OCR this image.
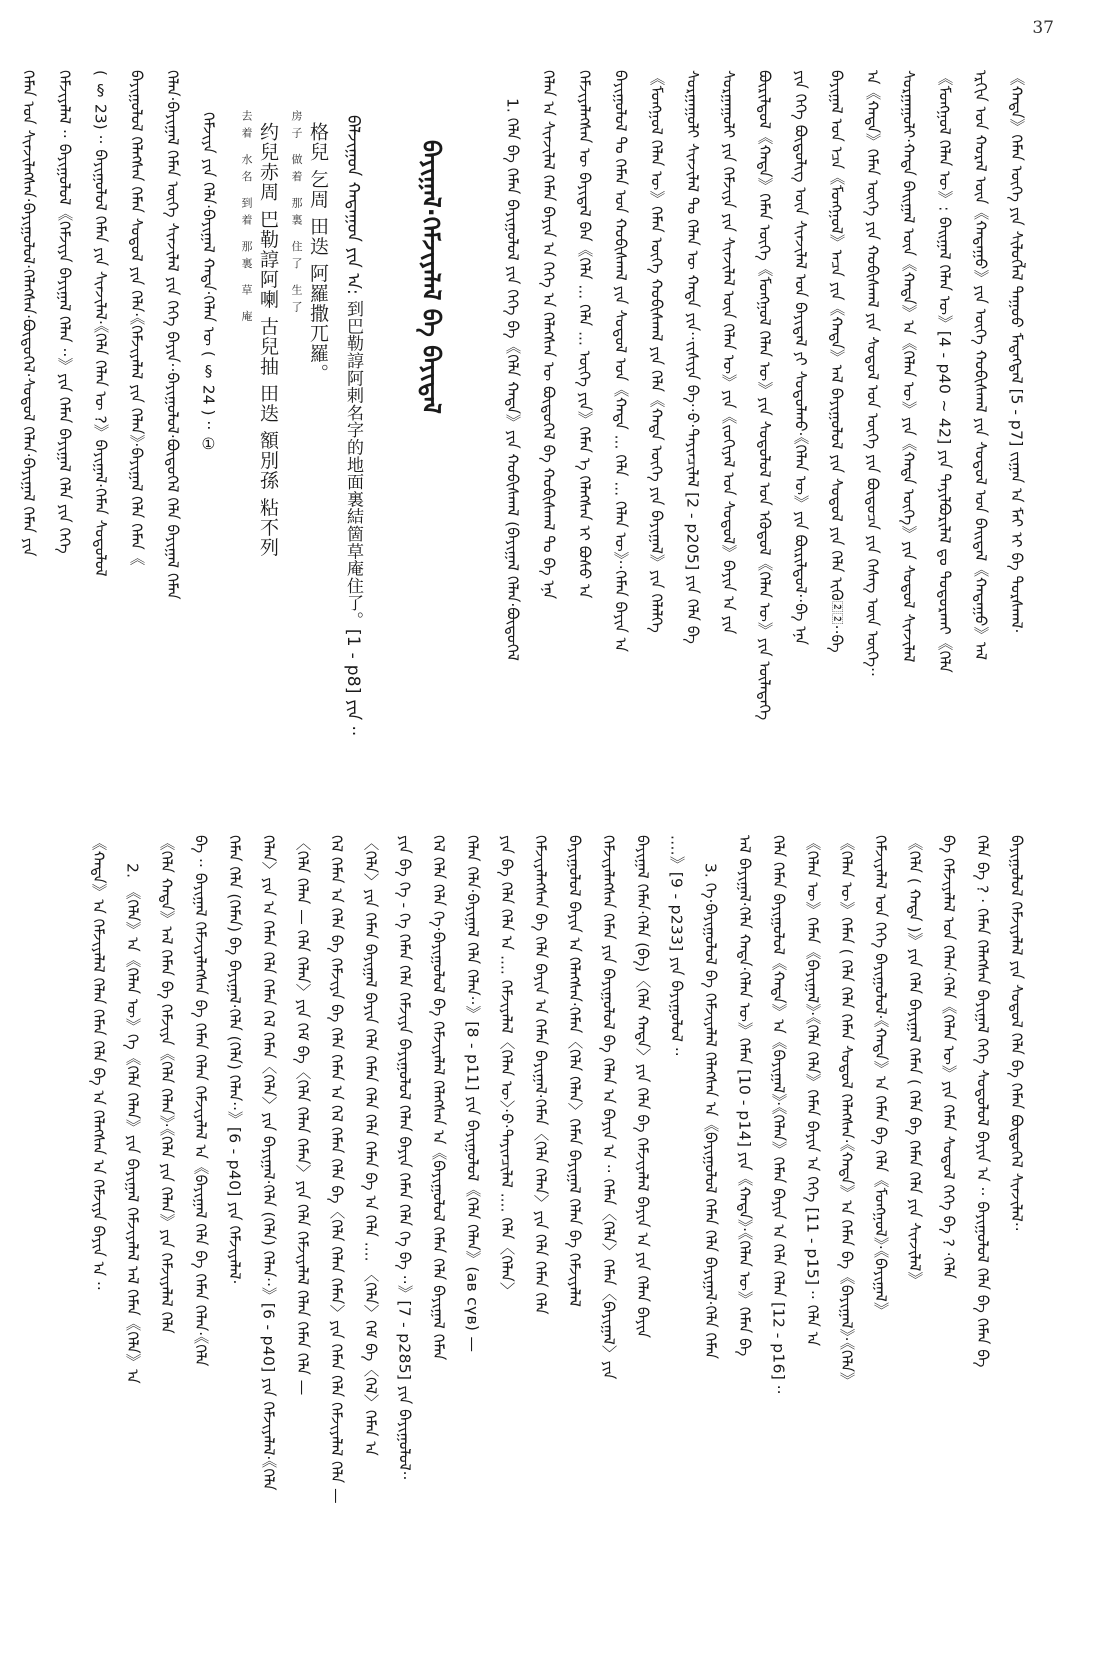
37
《ᠬᠠᠳᠠ》ᠬᠡᠮᠡᠨ ᠦᠭᠡ ᠶᠢᠨ ᠰᠢᠯᠦᠭᠯᠡᠯ ᠳᠠᠭᠤᠤ ᠮᠡᠳᠡᠭᠳᠡᠯ [5 - p7] ᠵᠢᠭᠠᠨ ᠠ ᠮᠡᠶ ᠢ ᠪᠠ ᠳᠤᠷᠰᠬᠠᠯ·
ᠡᠷᠭᠢᠨ ᠤᠨ ᠬᠤᠷᠠᠯ ᠦᠨ《ᠬᠠᠳᠠᠭᠤ》ᠶᠢᠨ ᠦᠭᠡ ᠬᠤᠪᠢᠰᠭᠠᠯ ᠶᠢᠨ ᠰᠤᠳᠤᠯ ᠤᠨ ᠪᠠᠢᠳᠠᠯ《ᠬᠠᠳᠠᠭᠤ》ᠠᠯ
《ᠮᠣᠩᠭᠣᠯ ᠬᠡᠯᠡᠨ ᠦ》: ᠪᠠᠢᠭᠠᠯ ᠬᠡᠯᠡᠨ ᠦ》[4 - p40 ~ 42] ᠶᠢᠨ ᠲᠠᠶᠢᠯᠪᠤᠷᠢᠯᠠᠯ ᠳᠤ ᠲᠤᠳᠤᠷᠬᠠᠢ《ᠬᠡᠯᠡ
ᠰᠤᠷᠭᠠᠭᠤᠯᠢ·ᠬᠠᠳᠠ ᠪᠠᠢᠭᠠᠯ ᠦᠨ《ᠬᠠᠳᠠ》ᠠ《ᠬᠡᠯᠡᠨ ᠦ》ᠶᠢᠨ《ᠬᠠᠳᠠ ᠦᠭᠡ》ᠶᠢᠨ ᠰᠤᠳᠤᠯ ᠰᠢᠨᠵᠢᠯᠡᠯ
ᠠ《ᠬᠠᠳᠠ》ᠬᠡᠮᠡᠨ ᠦᠭᠡ ᠶᠢᠨ ᠬᠤᠪᠢᠰᠬᠠᠯ ᠶᠢᠨ ᠰᠤᠳᠤᠯ ᠤᠨ ᠦᠭᠡ ᠶᠢᠨ ᠪᠦᠲᠦᠴᠡ ᠶᠢᠨ ᠬᠡᠰᠡᠭ ᠦᠨ ᠦᠭᠡ··
ᠪᠠᠶᠢᠭᠠᠯ ᠤᠨ ᠡᠴᠡ《ᠮᠣᠩᠭᠣᠯ》ᠠᠴᠠ ᠶᠢᠨ《ᠬᠠᠳᠠ》ᠠᠯ ᠪᠠᠶᠢᠭᠤᠯᠤᠯ ᠶᠢᠨ ᠰᠤᠳᠤᠯ ᠶᠢᠨ ᠬᠡᠯᠡ ᠢᠭᠦ᠌᠌᠌··ᠪᠠ
ᠶᠢᠨ ᠬᠡᠭᠡ ᠪᠦᠳᠦᠯᠢᠭ ᠦᠨ ᠰᠢᠨᠵᠢᠯᠡᠯ ᠤᠨ ᠪᠠᠶᠢᠳᠠᠯ ᠶᠢ ᠰᠤᠳᠤᠯᠬᠤ·《ᠬᠡᠯᠡᠨ ᠦ》ᠶᠢᠨ ᠪᠦᠷᠢᠯᠳᠦᠯ··ᠪᠠ ᠡᠨᠡ
ᠪᠦᠷᠢᠯᠳᠦᠯ《ᠬᠠᠳᠠ》ᠬᠡᠮᠡᠨ ᠦᠭᠡ《ᠮᠣᠩᠭᠣᠯ ᠬᠡᠯᠡᠨ ᠦ》ᠶᠢᠨ ᠰᠤᠳᠤᠯᠤᠯ ᠤᠨ ᠡᠭᠦᠳᠦᠯ《ᠬᠡᠯᠡᠨ ᠦ》ᠶᠢᠨ ᠦᠯᠡᠳᠡᠭᠡ
ᠰᠤᠷᠭᠠᠭᠤᠯᠢ ᠶᠢᠨ ᠬᠡᠮᠵᠢᠶᠡ ᠶᠢᠨ ᠰᠢᠨᠵᠢᠯᠡᠯ ᠦᠨ ᠬᠡᠯᠡᠨ ᠦ》ᠶᠢᠨ《ᠵᠣᠬᠢᠶᠠᠯ ᠤᠨ ᠰᠤᠳᠤᠯ》ᠪᠠᠶᠢᠨ ᠠ ᠶᠢᠨ
ᠰᠤᠷᠭᠠᠭᠤᠯᠢ ᠰᠢᠨᠵᠢᠯᠡᠯ ᠲᠤ ᠬᠡᠯᠡᠨ ᠦ ᠬᠠᠳᠠ ᠶᠢᠨ··ᠵᠢᠱᠢᠶᠡ ᠪᠠ··ᠪ·ᠳᠠᠶᠢᠨᠴᠢᠯᠠᠯ [2 - p205] ᠶᠢᠨ ᠬᠡᠯᠡ ᠪᠠ
《ᠮᠣᠩᠭᠣᠯ ᠬᠡᠯᠡᠨ ᠦ》ᠬᠡᠮᠡᠨ ᠦᠭᠡ ᠬᠤᠪᠢᠰᠬᠠᠯ ᠶᠢᠨ ᠬᠡᠯᠡ《ᠬᠠᠳᠠ ᠦᠭᠡ ᠶᠢᠨ ᠪᠠᠶᠢᠭᠠᠯ》ᠶᠢᠨ ᠬᠡᠯᠡᠯᠭᠡ
ᠪᠠᠶᠢᠭᠤᠯᠤᠯ ᠲᠤ ᠬᠡᠮᠡᠨ ᠤᠨ ᠬᠤᠪᠢᠰᠬᠠᠯ ᠶᠢᠨ ᠰᠤᠳᠤᠯ ᠤᠨ《ᠬᠠᠳᠠ ... ᠬᠡᠯᠡ ... ᠬᠡᠯᠡᠨ ᠦ》··ᠬᠡᠮᠡᠨ ᠪᠠᠶᠢᠨ ᠠ
ᠬᠡᠮᠵᠢᠶᠡᠯᠡᠭᠰᠡᠨ ᠦ ᠪᠠᠶᠢᠳᠠᠯ ᠪᠠᠨ《ᠬᠡᠯᠡ ... ᠬᠡᠯᠡ ... ᠦᠭᠡ ᠶᠢᠨ》ᠬᠡᠮᠡᠨ ᠡ ᠬᠡᠯᠡᠭᠰᠡᠨ ᠢ ᠪᠤᠰᠤ ᠠ
ᠬᠡᠯᠡᠨ ᠠ ᠰᠢᠨᠵᠢᠯᠡᠯ ᠬᠡᠮᠡᠨ ᠪᠠᠶᠢᠨ ᠠ ᠬᠡᠭᠡ ᠠ ᠬᠡᠯᠡᠭᠰᠡᠨ ᠦ ᠪᠦᠲᠦᠭᠡᠯ ᠪᠠ ᠬᠤᠪᠢᠰᠬᠠᠯ ᠲᠤ ᠪᠠ ᠡᠨᠡ
1. ᠬᠡᠯᠡ ᠪᠠ ᠬᠡᠮᠡᠨ ᠪᠠᠶᠢᠭᠤᠯᠤᠯ ᠶᠢᠨ ᠬᠡᠭᠡ ᠪᠠ《ᠬᠡᠯᠡ ᠬᠠᠳᠠ》ᠶᠢᠨ ᠬᠤᠪᠢᠰᠬᠠᠯ (ᠪᠠᠶᠢᠭᠠᠯ ᠬᠡᠯᠡᠨ·ᠪᠦᠲᠦᠭᠡᠯ
ᠪᠠᠶᠢᠭᠠᠯ·ᠬᠡᠮᠵᠢᠶᠡᠯᠡᠯ ᠪᠠ ᠪᠠᠶᠢᠳᠠᠯ
ᠪᠠᠯᠵᠢᠭᠤᠨ ᠬᠠᠳᠠᠭᠤᠨ ᠶᠢᠨ ᠠ: 到巴勒諄阿剌名字的地面裏結箇草庵住了。[1 - p8] ᠶᠢᠨ ··
房子 做着 那裏 住了 生了 格兒 乞周 田迭 阿羅撒兀羅。
去着 水名 到着 那裏 草 庵 约兒赤周 巴勒諄阿喇 古兒抽 田迭 額別孫 粘不列
ᠬᠡᠮᠵᠢᠶᠡ ᠶᠢᠨ ᠬᠡᠯᠡ·ᠪᠠᠶᠢᠭᠠᠯ ᠬᠠᠳᠠ·ᠬᠡᠯᠡᠨ ᠦ ( § 24 ) ·· ①
ᠬᠡᠯᠡᠨ·ᠪᠠᠶᠢᠭᠠᠯ ᠬᠡᠮᠡᠨ ᠦᠭᠡ ᠰᠢᠨᠵᠢᠯᠡᠯ ᠶᠢᠨ ᠬᠡᠭᠡ ᠪᠠᠶᠢᠨ··ᠪᠠᠶᠢᠭᠤᠯᠤᠯ·ᠪᠦᠲᠦᠭᠡᠯ ᠬᠡᠯᠡ ᠪᠠᠶᠢᠭᠠᠯ ᠬᠡᠮᠡᠨ
ᠪᠠᠶᠢᠭᠤᠯᠤᠯ ᠬᠡᠯᠡᠭᠰᠡᠨ ᠬᠡᠮᠡᠨ ᠰᠤᠳᠤᠯ ᠶᠢᠨ ᠬᠡᠯᠡ·《ᠬᠡᠮᠵᠢᠶᠡᠯᠡᠯ ᠶᠢᠨ ᠬᠡᠯᠡᠨ》·ᠪᠠᠶᠢᠭᠠᠯ ᠬᠡᠯᠡ ᠬᠡᠮᠡᠨ《
( § 23) ·· ᠪᠠᠶᠢᠭᠤᠯᠤᠯ ᠬᠡᠮᠡᠨ ᠶᠢᠨ ᠰᠢᠨᠵᠢᠯᠡᠯ·《ᠬᠡᠯᠡ ᠬᠡᠯᠡᠨ ᠦ ?》ᠪᠠᠶᠢᠭᠠᠯ·ᠬᠡᠮᠡᠨ ᠰᠤᠳᠤᠯᠤᠯ
ᠬᠡᠮᠵᠢᠶᠡᠯᠡᠯ ·· ᠪᠠᠶᠢᠭᠤᠯᠤᠯ《ᠬᠡᠮᠵᠢᠶᠡ ᠪᠠᠶᠢᠭᠠᠯ ᠬᠡᠯᠡᠨ ··》ᠶᠢᠨ ᠬᠡᠮᠡᠨ ᠪᠠᠶᠢᠭᠠᠯ ᠬᠡᠯᠡ ᠶᠢᠨ ᠬᠡᠭᠡ
ᠬᠡᠮᠡᠨ ᠤᠨ ᠰᠢᠨᠵᠢᠯᠡᠭᠰᠡᠨ·ᠪᠠᠶᠢᠭᠤᠯᠤᠯ·ᠬᠡᠯᠡᠭᠰᠡᠨ·ᠪᠦᠲᠦᠭᠡᠯ·ᠰᠤᠳᠤᠯ ᠬᠡᠯᠡᠨ·ᠪᠠᠶᠢᠭᠠᠯ ᠬᠡᠮᠡᠨ ᠶᠢᠨ
ᠪᠠᠶᠢᠭᠤᠯᠤᠯ ᠬᠡᠮᠵᠢᠶᠡᠯᠡᠯ ᠶᠢᠨ ᠰᠤᠳᠤᠯ ᠬᠡᠯᠡ ᠪᠠ ᠬᠡᠮᠡᠨ ᠪᠦᠲᠦᠭᠡᠯ ᠰᠢᠨᠵᠢᠯᠡᠯ··
ᠬᠡᠯᠡ ᠪᠠ ? · ᠬᠡᠮᠡᠨ ᠬᠡᠯᠡᠭᠰᠡᠨ ᠪᠠᠶᠢᠭᠠᠯ ᠬᠡᠭᠡ ᠰᠤᠳᠤᠯᠤᠯ ᠪᠠᠶᠢᠨ ᠠ ·· ᠪᠠᠶᠢᠭᠤᠯᠤᠯ ᠬᠡᠯᠡ ᠪᠠ ᠬᠡᠮᠡᠨ ᠪᠠ
ᠪᠠ ᠬᠡᠮᠵᠢᠶᠡᠯᠡᠯ ᠤᠨ ᠬᠡᠯᠡᠨ·ᠬᠡᠯᠡ《ᠬᠡᠯᠡᠨ ᠦ》ᠶᠢᠨ ᠬᠡᠮᠡᠨ ᠰᠤᠳᠤᠯ ᠬᠡᠭᠡ ᠪᠠ ? ·ᠬᠡᠯᠡ
《ᠬᠡᠯᠡ ( ᠬᠠᠳᠠ )》ᠶᠢᠨ ᠬᠡᠯᠡ ᠪᠠᠶᠢᠭᠠᠯ ᠬᠡᠮᠡᠨ ( ᠬᠡᠯᠡ ᠪᠠ ᠬᠡᠮᠡᠨ ᠬᠡᠯᠡ ᠶᠢᠨ ᠰᠢᠨᠵᠢᠯᠡᠯ》
ᠬᠡᠮᠵᠢᠶᠡᠯᠡᠯ ᠤᠨ ᠬᠡᠭᠡ ᠪᠠᠶᠢᠭᠤᠯᠤᠯ·《ᠬᠠᠳᠠ》ᠠ ᠬᠡᠮᠡᠨ ᠪᠠ ᠬᠡᠯᠡ《ᠮᠣᠩᠭᠣᠯ》·《ᠪᠠᠶᠢᠭᠠᠯ》
《ᠬᠡᠯᠡᠨ ᠦ》ᠬᠡᠮᠡᠨ ( ᠬᠡᠯᠡ ᠬᠡᠯᠡ ᠬᠡᠮᠡᠨ ᠰᠤᠳᠤᠯ ᠬᠡᠯᠡᠭᠰᠡᠨ·《ᠬᠠᠳᠠ》ᠠ ᠬᠡᠮᠡᠨ ᠪᠠ《ᠪᠠᠶᠢᠭᠠᠯ》·《ᠬᠡᠯᠡ》
《ᠬᠡᠯᠡᠨ ᠦ》ᠬᠡᠮᠡᠨ《ᠪᠠᠶᠢᠭᠠᠯ》·《ᠬᠡᠯᠡ ᠬᠡᠯᠡ》ᠬᠡᠮᠡᠨ ᠪᠠᠶᠢᠨ ᠠ ᠬᠡᠭᠡ [11 - p15] ·· ᠬᠡᠯᠡ ᠠ
ᠬᠡᠯᠡ ᠬᠡᠮᠡᠨ ᠪᠠᠶᠢᠭᠤᠯᠤᠯ《ᠬᠠᠳᠠ》ᠠ《ᠪᠠᠶᠢᠭᠠᠯ》·《ᠬᠡᠯᠡᠨ》ᠬᠡᠮᠡᠨ ᠪᠠᠶᠢᠨ ᠠ ᠬᠡᠯᠡ ᠬᠡᠯᠡᠨ [12 - p16] ··
ᠠᠯ ᠪᠠᠶᠢᠭᠠᠯ·ᠬᠡᠯᠡ ᠬᠠᠳᠠ·ᠬᠡᠯᠡᠨ ᠦ》ᠬᠡᠮᠡᠨ [10 - p14] ᠶᠢᠨ《ᠬᠠᠳᠠ》·《ᠬᠡᠯᠡᠨ ᠦ》ᠬᠡᠮᠡᠨ ᠪᠠ
3. ᠬᠡ·ᠪᠠᠶᠢᠭᠤᠯᠤᠯ ᠪᠠ ᠬᠡᠮᠵᠢᠶᠡᠯᠡᠯ ᠬᠡᠯᠡᠭᠰᠡᠨ ᠠ《ᠪᠠᠶᠢᠭᠤᠯᠤᠯ ᠬᠡᠮᠡᠨ ᠬᠡᠯᠡ ᠪᠠᠶᠢᠭᠠᠯ·ᠬᠡᠯᠡ ᠬᠡᠮᠡᠨ
....》[9 - p233] ᠶᠢᠨ ᠪᠠᠶᠢᠭᠤᠯᠤᠯ ··
ᠪᠠᠶᠢᠭᠠᠯ ᠬᠡᠮᠡᠨ·ᠬᠡᠯᠡ (ᠪᠠ)〈ᠬᠡᠯᠡ ᠬᠠᠳᠠ〉ᠶᠢᠨ ᠬᠡᠯᠡ ᠪᠠ ᠬᠡᠮᠵᠢᠶᠡᠯᠡᠯ ᠪᠠᠶᠢᠨ ᠠ ᠶᠢᠨ ᠬᠡᠯᠡᠨ ᠪᠠᠶᠢᠨ
ᠬᠡᠮᠵᠢᠶᠡᠯᠡᠭᠰᠡᠨ ᠬᠡᠮᠡᠨ ᠶᠢᠨ ᠪᠠᠶᠢᠭᠤᠯᠤᠯ ᠪᠠ ᠬᠡᠯᠡᠨ ᠠ ᠪᠠᠶᠢᠨ ᠠ ·· ᠬᠡᠮᠡᠨ〈ᠬᠡᠯᠡ〉ᠬᠡᠮᠡᠨ〈ᠪᠠᠶᠢᠭᠠᠯ〉ᠶᠢᠨ
ᠪᠠᠶᠢᠭᠤᠯᠤᠯ ᠪᠠᠶᠢᠨ ᠠ ᠬᠡᠯᠡᠭᠰᠡᠨ·ᠬᠡᠮᠡᠨ〈ᠬᠡᠯᠡ ᠬᠡᠯᠡᠨ〉ᠬᠡᠮᠡᠨ ᠪᠠᠶᠢᠭᠠᠯ ᠬᠡᠯᠡᠨ ᠪᠠ ᠬᠡᠮᠵᠢᠶᠡᠯᠡᠯ
ᠬᠡᠮᠵᠢᠶᠡᠯᠡᠭᠰᠡᠨ ᠪᠠ ᠬᠡᠯᠡ ᠪᠠᠶᠢᠨ ᠠ ᠬᠡᠮᠡᠨ ᠪᠠᠶᠢᠭᠠᠯ·ᠬᠡᠮᠡᠨ〈ᠬᠡᠯᠡ ᠬᠡᠯᠡᠨ〉ᠶᠢᠨ ᠬᠡᠯᠡ ᠬᠡᠮᠡᠨ ᠬᠡᠯᠡ
ᠶᠢᠨ ᠪᠠ ᠬᠡᠯᠡ ᠬᠡᠯᠡ ᠠ .... ᠬᠡᠮᠵᠢᠶᠡᠯᠡᠯ〈ᠬᠡᠯᠡᠨ ᠦ〉·ᠪ·ᠳᠠᠶᠢᠨᠴᠢᠯᠠᠯ .... ᠬᠡᠯᠡ〈ᠬᠡᠯᠡᠨ〉
ᠬᠡᠯᠡᠨ ᠬᠡᠯᠡ·ᠪᠠᠶᠢᠭᠠᠯ ᠬᠡᠯᠡ ᠬᠡᠯᠡᠨ··》[8 - p11] ᠶᠢᠨ ᠪᠠᠶᠢᠭᠤᠯᠤᠯ《ᠬᠡᠯᠡ ᠬᠡᠯᠡᠨ》(ав сүв) —
ᠬᠡᠯ ᠬᠡᠯᠡ ᠬᠡᠯᠡ ᠬᠡ·ᠪᠠᠶᠢᠭᠤᠯᠤᠯ ᠪᠠ ᠬᠡᠮᠵᠢᠶᠡᠯᠡᠯ ᠬᠡᠯᠡᠭᠰᠡᠨ ᠠ《ᠪᠠᠶᠢᠭᠤᠯᠤᠯ ᠬᠡᠮᠡᠨ ᠬᠡᠯᠡ ᠪᠠᠶᠢᠭᠠᠯ ᠬᠡᠮᠡᠨ
ᠶᠢᠨ ᠪᠠ ᠬᠡ - ᠬᠡ ᠬᠡᠮᠡᠨ ᠬᠡᠯᠡ ᠬᠡᠮᠵᠢᠶᠡ ᠪᠠᠶᠢᠭᠤᠯᠤᠯ ᠬᠡᠯᠡᠨ ᠪᠠᠶᠢᠨ ᠬᠡᠮᠡᠨ ᠬᠡᠯᠡ ᠬᠡ ᠪᠠ ··》[7 - p285] ᠶᠢᠨ ᠪᠠᠶᠢᠭᠤᠯᠤᠯ··
〈ᠬᠡᠯᠡ〉ᠶᠢᠨ ᠬᠡᠮᠡᠨ ᠪᠠᠶᠢᠭᠠᠯ ᠪᠠᠶᠢᠨ ᠬᠡᠯᠡ ᠬᠡᠮᠡᠨ ᠬᠡᠯᠡ ᠬᠡᠯᠡ ᠬᠡᠮᠡᠨ ᠪᠠ ᠠ ᠬᠡᠯᠡ .... 〈ᠬᠡᠯᠡ〉ᠬᠡᠮ ᠪᠠ〈ᠬᠡᠯ〉ᠬᠡᠮᠡᠨ ᠠ
ᠬᠡᠯ ᠬᠡᠮᠡᠨ ᠠ ᠬᠡᠯᠡ ᠪᠠ ᠬᠡᠮᠵᠢᠶᠡ ᠪᠠ ᠬᠡᠯᠡ ᠬᠡᠮᠡᠨ ᠠ ᠬᠡᠯ ᠬᠡᠮᠡᠨ ᠬᠡᠯᠡ ᠪᠠ〈ᠬᠡᠯᠡ ᠬᠡᠯᠡᠨ ᠬᠡᠮᠡᠨ〉ᠶᠢᠨ ᠬᠡᠮᠡᠨ ᠬᠡᠯᠡ ᠬᠡᠮᠵᠢᠶᠡᠯᠡᠯ ᠬᠡᠯᠡ —
〈ᠬᠡᠯᠡ ᠬᠡᠯᠡᠨ — ᠬᠡᠯᠡ ᠬᠡᠯᠡᠨ〉ᠶᠢᠨ ᠬᠡᠮ ᠪᠠ〈ᠬᠡᠯᠡ ᠬᠡᠯᠡᠨ ᠬᠡᠮᠡᠨ〉ᠶᠢᠨ ᠬᠡᠯᠡ ᠬᠡᠮᠵᠢᠶᠡᠯᠡᠯ ᠬᠡᠯᠡᠨ ᠬᠡᠮᠡᠨ ᠬᠡᠯᠡ —
ᠬᠡᠯᠡᠨ〉ᠶᠢᠨ ᠠ ᠬᠡᠮᠡᠨ ᠬᠡᠯᠡ ᠬᠡᠮᠡᠨ ᠬᠡᠯ ᠬᠡᠮᠡᠨ〈ᠬᠡᠯᠡ〉ᠶᠢᠨ ᠪᠠᠶᠢᠭᠠᠯ·ᠬᠡᠯᠡ (ᠬᠡᠯᠡ) ᠬᠡᠯᠡᠨ··》[6 - p40] ᠶᠢᠨ ᠬᠡᠮᠵᠢᠶᠡᠯᠡᠯ·《ᠬᠡᠯᠡ
ᠬᠡᠮᠡᠨ ᠬᠡᠯᠡ (ᠬᠡᠮᠡᠨ) ᠪᠠ ᠪᠠᠶᠢᠭᠠᠯ·ᠬᠡᠯᠡ (ᠬᠡᠯᠡ) ᠬᠡᠯᠡᠨ··》[6 - p40] ᠶᠢᠨ ᠬᠡᠮᠵᠢᠶᠡᠯᠡᠯ·
ᠪᠠ ·· ᠪᠠᠶᠢᠭᠠᠯ ᠬᠡᠮᠵᠢᠶᠡᠯᠡᠭᠰᠡᠨ ᠪᠠ ᠬᠡᠮᠡᠨ ᠬᠡᠯᠡᠨ ᠬᠡᠮᠵᠢᠶᠡᠯᠡᠯ ᠠ《ᠪᠠᠶᠢᠭᠠᠯ ᠬᠡᠯᠡ ᠪᠠ ᠬᠡᠮᠡᠨ ᠬᠡᠯᠡᠨ·《ᠬᠡᠯᠡ
《ᠬᠡᠯᠡ ᠬᠠᠳᠠ》ᠠᠯ ᠬᠡᠮᠡᠨ ᠪᠠ ᠬᠡᠮᠵᠢᠶᠡ《ᠬᠡᠯᠡ ᠬᠡᠯᠡᠨ》·《ᠬᠡᠯᠡ ᠶᠢᠨ ᠬᠡᠯᠡᠨ》ᠶᠢᠨ ᠬᠡᠮᠵᠢᠶᠡᠯᠡᠯ ᠬᠡᠯᠡ
2. 《ᠬᠡᠯᠡ》ᠠ《ᠬᠡᠯᠡᠨ ᠦ》ᠬᠡ《ᠬᠡᠯᠡ ᠬᠡᠯᠡᠨ》ᠶᠢᠨ ᠪᠠᠶᠢᠭᠠᠯ ᠬᠡᠮᠵᠢᠶᠡᠯᠡᠯ ᠠᠯ ᠬᠡᠮᠡᠨ《ᠬᠡᠯᠡ》ᠠ
《ᠬᠠᠳᠠ》ᠠ ᠬᠡᠮᠵᠢᠶᠡᠯᠡᠯ ᠬᠡᠯᠡᠨ ᠬᠡᠮᠡᠨ ᠬᠡᠯᠡ ᠪᠠ ᠠ ᠬᠡᠯᠡᠭᠰᠡᠨ ᠠ ᠬᠡᠮᠵᠢᠶᠡ ᠪᠠᠶᠢᠨ ᠠ ··
